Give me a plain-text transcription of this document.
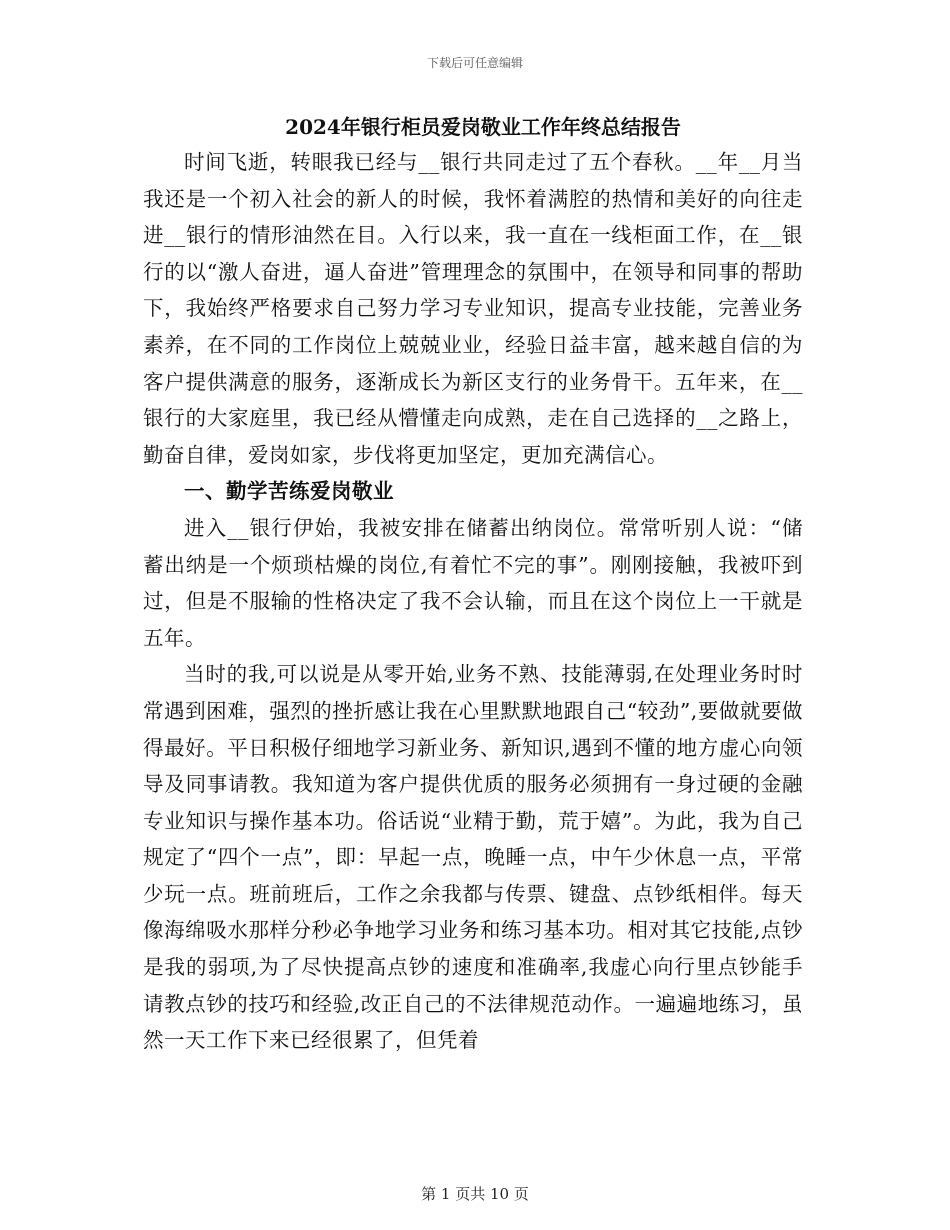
下载后可任意编辑
2024年银行柜员爱岗敬业工作年终总结报告

时间飞逝，转眼我已经与__银行共同走过了五个春秋。__年__月当我还是一个初入社会的新人的时候，我怀着满腔的热情和美好的向往走进__银行的情形油然在目。入行以来，我一直在一线柜面工作，在__银行的以“激人奋进，逼人奋进”管理理念的氛围中，在领导和同事的帮助下，我始终严格要求自己努力学习专业知识，提高专业技能，完善业务素养，在不同的工作岗位上兢兢业业，经验日益丰富，越来越自信的为客户提供满意的服务，逐渐成长为新区支行的业务骨干。五年来，在__银行的大家庭里，我已经从懵懂走向成熟，走在自己选择的__之路上，勤奋自律，爱岗如家，步伐将更加坚定，更加充满信心。

一、勤学苦练爱岗敬业

进入__银行伊始，我被安排在储蓄出纳岗位。常常听别人说：“储蓄出纳是一个烦琐枯燥的岗位,有着忙不完的事”。刚刚接触，我被吓到过，但是不服输的性格决定了我不会认输，而且在这个岗位上一干就是五年。

当时的我,可以说是从零开始,业务不熟、技能薄弱,在处理业务时时常遇到困难，强烈的挫折感让我在心里默默地跟自己“较劲”,要做就要做得最好。平日积极仔细地学习新业务、新知识,遇到不懂的地方虚心向领导及同事请教。我知道为客户提供优质的服务必须拥有一身过硬的金融专业知识与操作基本功。俗话说“业精于勤，荒于嬉”。为此，我为自己规定了“四个一点”，即：早起一点，晚睡一点，中午少休息一点，平常少玩一点。班前班后，工作之余我都与传票、键盘、点钞纸相伴。每天像海绵吸水那样分秒必争地学习业务和练习基本功。相对其它技能,点钞是我的弱项,为了尽快提高点钞的速度和准确率,我虚心向行里点钞能手请教点钞的技巧和经验,改正自己的不法律规范动作。一遍遍地练习，虽然一天工作下来已经很累了，但凭着

第 1 页共 10 页
